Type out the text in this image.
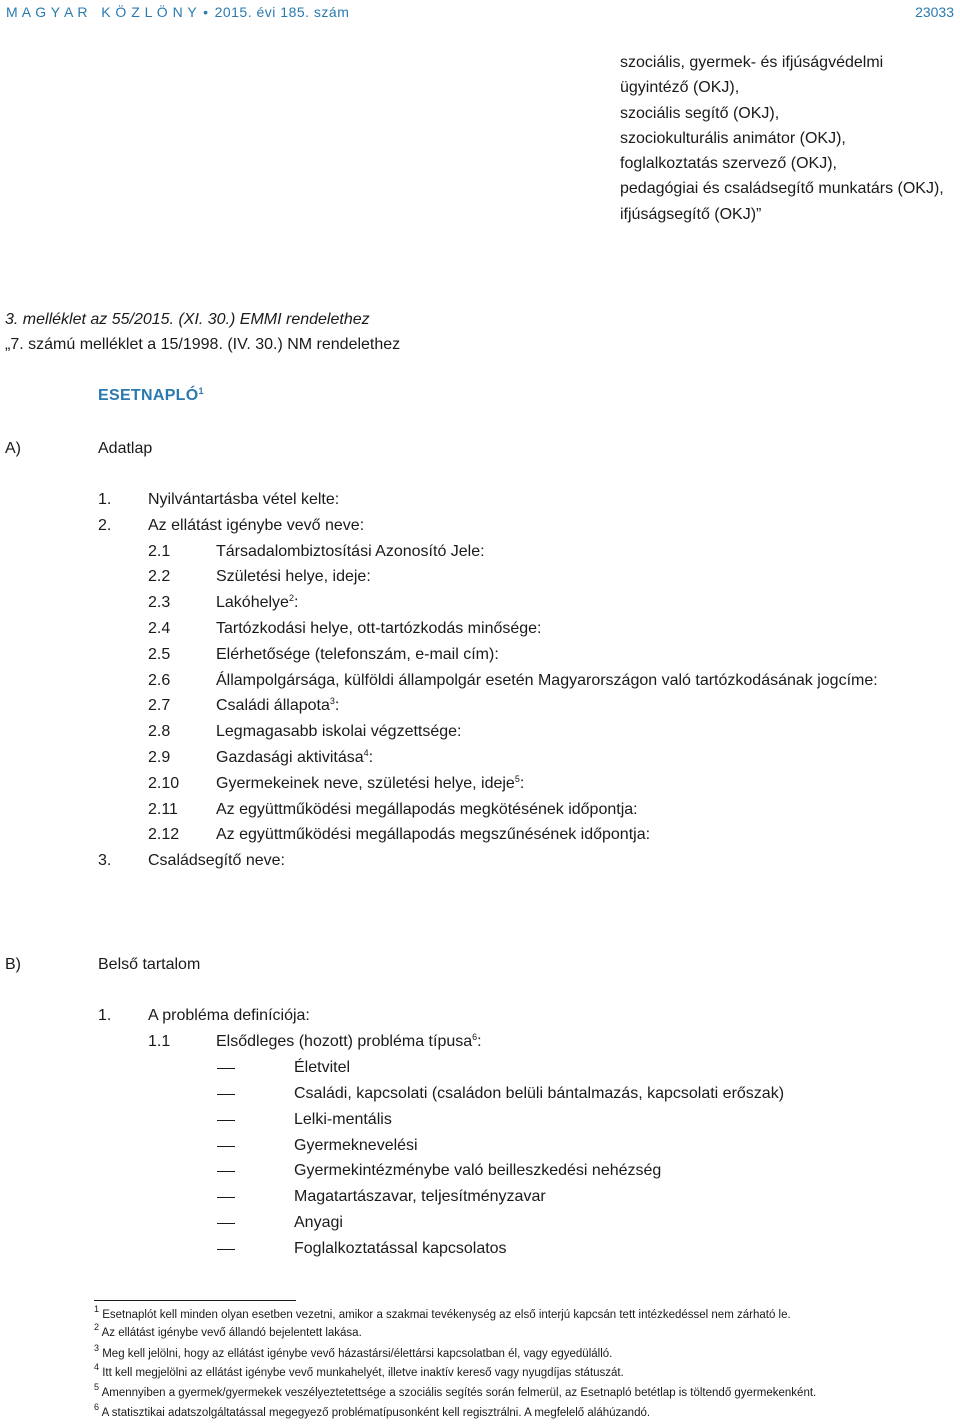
M A G Y A R   K Ö Z L Ö N Y • 2015. évi 185. szám	23033
szociális, gyermek- és ifjúságvédelmi
ügyintéző (OKJ),
szociális segítő (OKJ),
szociokulturális animátor (OKJ),
foglalkoztatás szervező (OKJ),
pedagógiai és családsegítő munkatárs (OKJ),
ifjúságsegítő (OKJ)”
3. melléklet az 55/2015. (XI. 30.) EMMI rendelethez
„7. számú melléklet a 15/1998. (IV. 30.) NM rendelethez
ESETNAPLÓ$^1$
A)	Adatlap
1. Nyilvántartásba vétel kelte:
2. Az ellátást igénybe vevő neve:
2.1	Társadalombiztosítási Azonosító Jele:
2.2	Születési helye, ideje:
2.3	Lakóhelye$^2$:
2.4	Tartózkodási helye, ott-tartózkodás minősége:
2.5	Elérhetősége (telefonszám, e-mail cím):
2.6	Állampolgársága, külföldi állampolgár esetén Magyarországon való tartózkodásának jogcíme:
2.7	Családi állapota$^3$:
2.8	Legmagasabb iskolai végzettsége:
2.9	Gazdasági aktivitása$^4$:
2.10 Gyermekeinek neve, születési helye, ideje$^5$:
2.11 Az együttműködési megállapodás megkötésének időpontja:
2.12 Az együttműködési megállapodás megszűnésének időpontja:
3. Családsegítő neve:
B)	Belső tartalom
1. A probléma definíciója:
1.1	Elsődleges (hozott) probléma típusa$^6$:
Életvitel
Családi, kapcsolati (családon belüli bántalmazás, kapcsolati erőszak)
Lelki-mentális
Gyermeknevelési
Gyermekintézménybe való beilleszkedési nehézség
Magatartászavar, teljesítményzavar
Anyagi
Foglalkoztatással kapcsolatos
$^1$ Esetnaplót kell minden olyan esetben vezetni, amikor a szakmai tevékenység az első interjú kapcsán tett intézkedéssel nem zárható le.
$^2$ Az ellátást igénybe vevő állandó bejelentett lakása.
$^3$ Meg kell jelölni, hogy az ellátást igénybe vevő házastársi/élettársi kapcsolatban él, vagy egyedülálló.
$^4$ Itt kell megjelölni az ellátást igénybe vevő munkahelyét, illetve inaktív kereső vagy nyugdíjas státuszát.
$^5$ Amennyiben a gyermek/gyermekek veszélyeztetettsége a szociális segítés során felmerül, az Esetnapló betétlap is töltendő gyermekenként.
$^6$ A statisztikai adatszolgáltatással megegyező problématípusonként kell regisztrálni. A megfelelő aláhúzandó.
